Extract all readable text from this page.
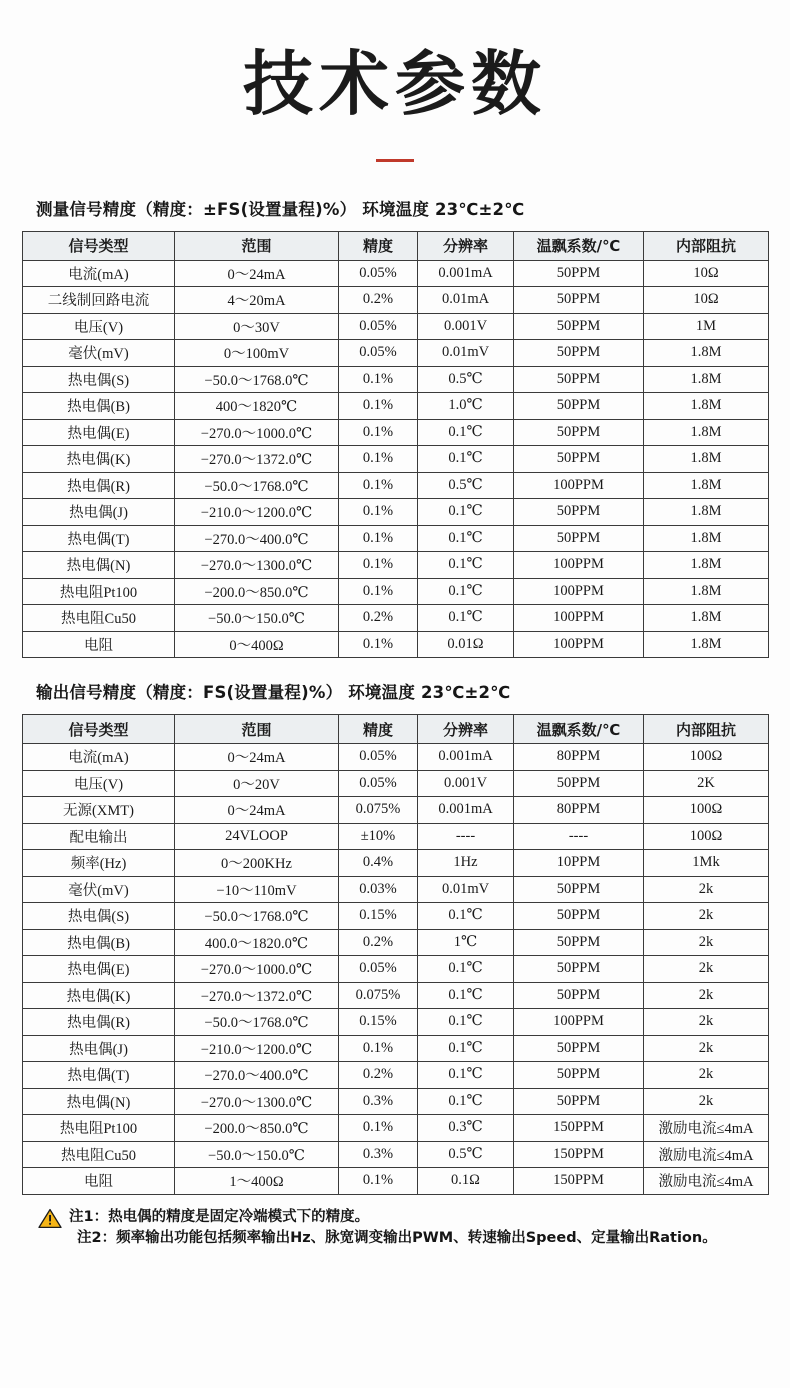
技术参数
测量信号精度（精度：±FS(设置量程)%） 环境温度 23℃±2℃
信号类型	范围	精度	分辨率	温飘系数/℃	内部阻抗
电流(mA)	0～24mA	0.05%	0.001mA	50PPM	10Ω
二线制回路电流	4～20mA	0.2%	0.01mA	50PPM	10Ω
电压(V)	0～30V	0.05%	0.001V	50PPM	1M
毫伏(mV)	0～100mV	0.05%	0.01mV	50PPM	1.8M
热电偶(S)	−50.0～1768.0℃	0.1%	0.5℃	50PPM	1.8M
热电偶(B)	400～1820℃	0.1%	1.0℃	50PPM	1.8M
热电偶(E)	−270.0～1000.0℃	0.1%	0.1℃	50PPM	1.8M
热电偶(K)	−270.0～1372.0℃	0.1%	0.1℃	50PPM	1.8M
热电偶(R)	−50.0～1768.0℃	0.1%	0.5℃	100PPM	1.8M
热电偶(J)	−210.0～1200.0℃	0.1%	0.1℃	50PPM	1.8M
热电偶(T)	−270.0～400.0℃	0.1%	0.1℃	50PPM	1.8M
热电偶(N)	−270.0～1300.0℃	0.1%	0.1℃	100PPM	1.8M
热电阻Pt100	−200.0～850.0℃	0.1%	0.1℃	100PPM	1.8M
热电阻Cu50	−50.0～150.0℃	0.2%	0.1℃	100PPM	1.8M
电阻	0～400Ω	0.1%	0.01Ω	100PPM	1.8M
输出信号精度（精度：FS(设置量程)%） 环境温度 23℃±2℃
信号类型	范围	精度	分辨率	温飘系数/℃	内部阻抗
电流(mA)	0～24mA	0.05%	0.001mA	80PPM	100Ω
电压(V)	0～20V	0.05%	0.001V	50PPM	2K
无源(XMT)	0～24mA	0.075%	0.001mA	80PPM	100Ω
配电输出	24VLOOP	±10%	----	----	100Ω
频率(Hz)	0～200KHz	0.4%	1Hz	10PPM	1Mk
毫伏(mV)	−10～110mV	0.03%	0.01mV	50PPM	2k
热电偶(S)	−50.0～1768.0℃	0.15%	0.1℃	50PPM	2k
热电偶(B)	400.0～1820.0℃	0.2%	1℃	50PPM	2k
热电偶(E)	−270.0～1000.0℃	0.05%	0.1℃	50PPM	2k
热电偶(K)	−270.0～1372.0℃	0.075%	0.1℃	50PPM	2k
热电偶(R)	−50.0～1768.0℃	0.15%	0.1℃	100PPM	2k
热电偶(J)	−210.0～1200.0℃	0.1%	0.1℃	50PPM	2k
热电偶(T)	−270.0～400.0℃	0.2%	0.1℃	50PPM	2k
热电偶(N)	−270.0～1300.0℃	0.3%	0.1℃	50PPM	2k
热电阻Pt100	−200.0～850.0℃	0.1%	0.3℃	150PPM	激励电流≤4mA
热电阻Cu50	−50.0～150.0℃	0.3%	0.5℃	150PPM	激励电流≤4mA
电阻	1～400Ω	0.1%	0.1Ω	150PPM	激励电流≤4mA
注1：热电偶的精度是固定冷端模式下的精度。
注2：频率输出功能包括频率输出Hz、脉宽调变输出PWM、转速输出Speed、定量输出Ration。
